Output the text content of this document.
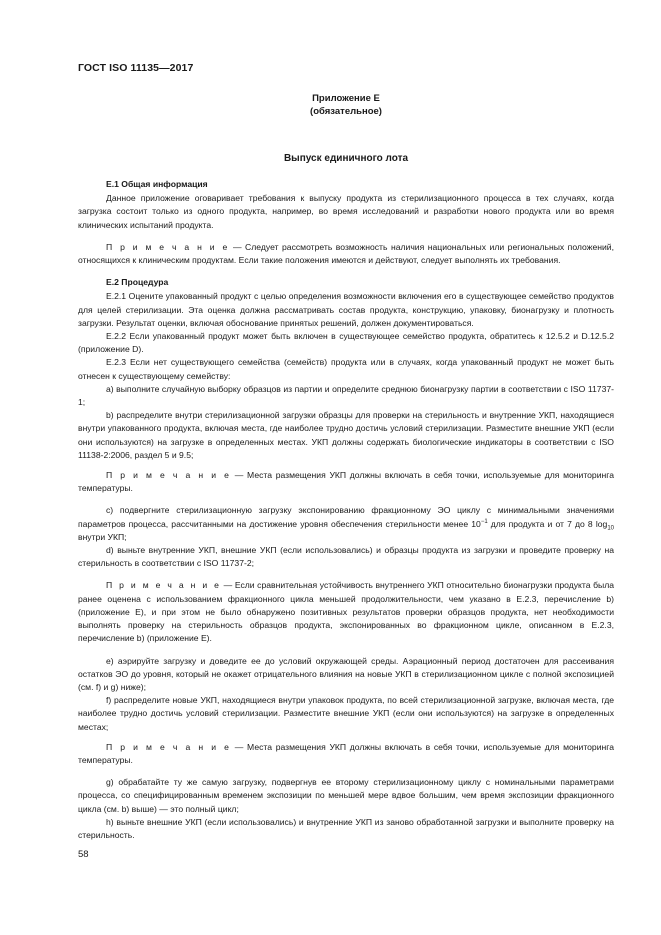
ГОСТ ISO 11135—2017
Приложение E
(обязательное)
Выпуск единичного лота

E.1 Общая информация

Данное приложение оговаривает требования к выпуску продукта из стерилизационного процесса в тех случаях, когда загрузка состоит только из одного продукта, например, во время исследований и разработки нового продукта или во время клинических испытаний продукта.

П р и м е ч а н и е — Следует рассмотреть возможность наличия национальных или региональных положений, относящихся к клиническим продуктам. Если такие положения имеются и действуют, следует выполнять их требования.

E.2 Процедура

E.2.1 Оцените упакованный продукт с целью определения возможности включения его в существующее семейство продуктов для целей стерилизации. Эта оценка должна рассматривать состав продукта, конструкцию, упаковку, бионагрузку и плотность загрузки. Результат оценки, включая обоснование принятых решений, должен документироваться.

E.2.2 Если упакованный продукт может быть включен в существующее семейство продукта, обратитесь к 12.5.2 и D.12.5.2 (приложение D).

E.2.3 Если нет существующего семейства (семейств) продукта или в случаях, когда упакованный продукт не может быть отнесен к существующему семейству:

a) выполните случайную выборку образцов из партии и определите среднюю бионагрузку партии в соответствии с ISO 11737-1;

b) распределите внутри стерилизационной загрузки образцы для проверки на стерильность и внутренние УКП, находящиеся внутри упакованного продукта, включая места, где наиболее трудно достичь условий стерилизации. Разместите внешние УКП (если они используются) на загрузке в определенных местах. УКП должны содержать биологические индикаторы в соответствии с ISO 11138-2:2006, раздел 5 и 9.5;

П р и м е ч а н и е — Места размещения УКП должны включать в себя точки, используемые для мониторинга температуры.

c) подвергните стерилизационную загрузку экспонированию фракционному ЭО циклу с минимальными значениями параметров процесса, рассчитанными на достижение уровня обеспечения стерильности менее $10^{-1}$ для продукта и от 7 до 8 $\log_{10}$ внутри УКП;

d) выньте внутренние УКП, внешние УКП (если использовались) и образцы продукта из загрузки и проведите проверку на стерильность в соответствии с ISO 11737-2;

П р и м е ч а н и е — Если сравнительная устойчивость внутреннего УКП относительно бионагрузки продукта была ранее оценена с использованием фракционного цикла меньшей продолжительности, чем указано в E.2.3, перечисление b) (приложение E), и при этом не было обнаружено позитивных результатов проверки образцов продукта, нет необходимости выполнять проверку на стерильность образцов продукта, экспонированных во фракционном цикле, описанном в E.2.3, перечисление b) (приложение E).

e) аэрируйте загрузку и доведите ее до условий окружающей среды. Аэрационный период достаточен для рассеивания остатков ЭО до уровня, который не окажет отрицательного влияния на новые УКП в стерилизационном цикле с полной экспозицией (см. f) и g) ниже);

f) распределите новые УКП, находящиеся внутри упаковок продукта, по всей стерилизационной загрузке, включая места, где наиболее трудно достичь условий стерилизации. Разместите внешние УКП (если они используются) на загрузке в определенных местах;

П р и м е ч а н и е — Места размещения УКП должны включать в себя точки, используемые для мониторинга температуры.

g) обрабатайте ту же самую загрузку, подвергнув ее второму стерилизационному циклу с номинальными параметрами процесса, со специфицированным временем экспозиции по меньшей мере вдвое большим, чем время экспозиции фракционного цикла (см. b) выше) — это полный цикл;

h) выньте внешние УКП (если использовались) и внутренние УКП из заново обработанной загрузки и выполните проверку на стерильность.

58
